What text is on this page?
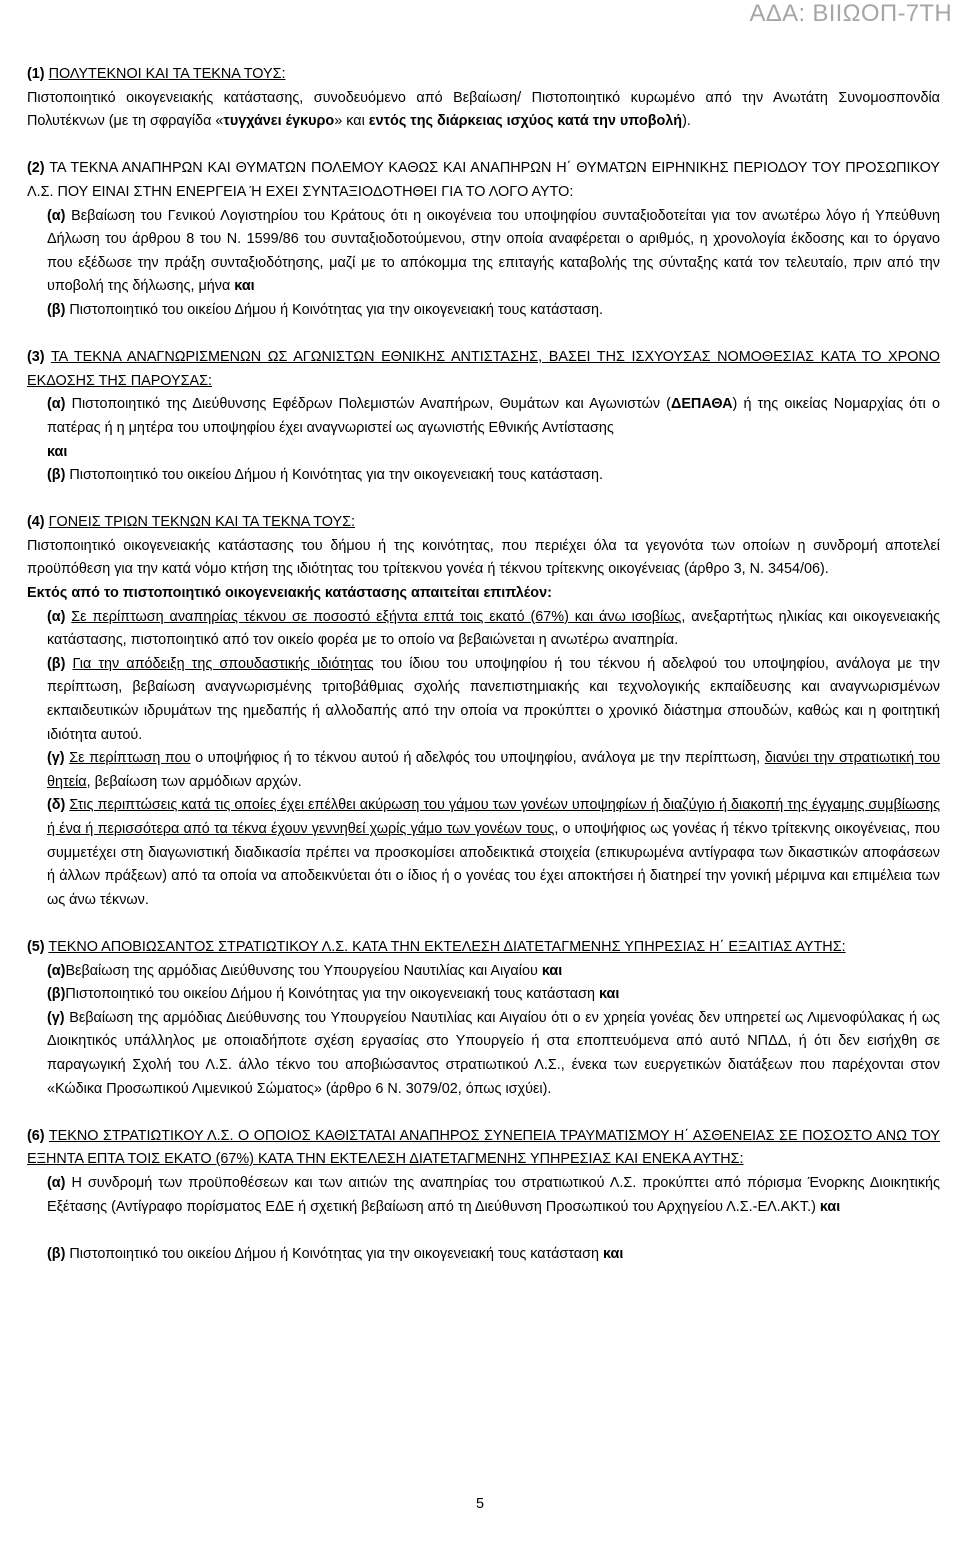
ΑΔΑ: ΒΙΙΩΟΠ-7ΤΗ

(1) ΠΟΛΥΤΕΚΝΟΙ ΚΑΙ ΤΑ ΤΕΚΝΑ ΤΟΥΣ:

Πιστοποιητικό οικογενειακής κατάστασης, συνοδευόμενο από Βεβαίωση/ Πιστοποιητικό κυρωμένο από την Ανωτάτη Συνομοσπονδία Πολυτέκνων (με τη σφραγίδα «τυγχάνει έγκυρο» και εντός της διάρκειας ισχύος κατά την υποβολή).

(2) ΤΑ ΤΕΚΝΑ ΑΝΑΠΗΡΩΝ ΚΑΙ ΘΥΜΑΤΩΝ ΠΟΛΕΜΟΥ ΚΑΘΩΣ ΚΑΙ ΑΝΑΠΗΡΩΝ Η΄ ΘΥΜΑΤΩΝ ΕΙΡΗΝΙΚΗΣ ΠΕΡΙΟΔΟΥ ΤΟΥ ΠΡΟΣΩΠΙΚΟΥ Λ.Σ. ΠΟΥ ΕΙΝΑΙ ΣΤΗΝ ΕΝΕΡΓΕΙΑ Ή ΕΧΕΙ ΣΥΝΤΑΞΙΟΔΟΤΗΘΕΙ ΓΙΑ ΤΟ ΛΟΓΟ ΑΥΤΟ:

(α) Βεβαίωση του Γενικού Λογιστηρίου του Κράτους ότι η οικογένεια του υποψηφίου συνταξιοδοτείται για τον ανωτέρω λόγο ή Υπεύθυνη Δήλωση του άρθρου 8 του Ν. 1599/86 του συνταξιοδοτούμενου, στην οποία αναφέρεται ο αριθμός, η χρονολογία έκδοσης και το όργανο που εξέδωσε την πράξη συνταξιοδότησης, μαζί με το απόκομμα της επιταγής καταβολής της σύνταξης κατά τον τελευταίο, πριν από την υποβολή της δήλωσης, μήνα και

(β) Πιστοποιητικό του οικείου Δήμου ή Κοινότητας για την οικογενειακή τους κατάσταση.

(3) ΤΑ ΤΕΚΝΑ ΑΝΑΓΝΩΡΙΣΜΕΝΩΝ ΩΣ ΑΓΩΝΙΣΤΩΝ ΕΘΝΙΚΗΣ ΑΝΤΙΣΤΑΣΗΣ, ΒΑΣΕΙ ΤΗΣ ΙΣΧΥΟΥΣΑΣ ΝΟΜΟΘΕΣΙΑΣ ΚΑΤΑ ΤΟ ΧΡΟΝΟ ΕΚΔΟΣΗΣ ΤΗΣ ΠΑΡΟΥΣΑΣ:

(α) Πιστοποιητικό της Διεύθυνσης Εφέδρων Πολεμιστών Αναπήρων, Θυμάτων και Αγωνιστών (ΔΕΠΑΘΑ) ή της οικείας Νομαρχίας ότι ο πατέρας ή η μητέρα του υποψηφίου έχει αναγνωριστεί ως αγωνιστής Εθνικής Αντίστασης

και

(β) Πιστοποιητικό του οικείου Δήμου ή Κοινότητας για την οικογενειακή τους κατάσταση.

(4) ΓΟΝΕΙΣ ΤΡΙΩΝ ΤΕΚΝΩΝ ΚΑΙ ΤΑ ΤΕΚΝΑ ΤΟΥΣ:

Πιστοποιητικό οικογενειακής κατάστασης του δήμου ή της κοινότητας, που περιέχει όλα τα γεγονότα των οποίων η συνδρομή αποτελεί προϋπόθεση για την κατά νόμο κτήση της ιδιότητας του τρίτεκνου γονέα ή τέκνου τρίτεκνης οικογένειας (άρθρο 3, Ν. 3454/06).

Εκτός από το πιστοποιητικό οικογενειακής κατάστασης απαιτείται επιπλέον:

(α) Σε περίπτωση αναπηρίας τέκνου σε ποσοστό εξήντα επτά τοις εκατό (67%) και άνω ισοβίως, ανεξαρτήτως ηλικίας και οικογενειακής κατάστασης, πιστοποιητικό από τον οικείο φορέα με το οποίο να βεβαιώνεται η ανωτέρω αναπηρία.

(β) Για την απόδειξη της σπουδαστικής ιδιότητας του ίδιου του υποψηφίου ή του τέκνου ή αδελφού του υποψηφίου, ανάλογα με την περίπτωση, βεβαίωση αναγνωρισμένης τριτοβάθμιας σχολής πανεπιστημιακής και τεχνολογικής εκπαίδευσης και αναγνωρισμένων εκπαιδευτικών ιδρυμάτων της ημεδαπής ή αλλοδαπής από την οποία να προκύπτει ο χρονικό διάστημα σπουδών, καθώς και η φοιτητική ιδιότητα αυτού.

(γ) Σε περίπτωση που ο υποψήφιος ή το τέκνου αυτού ή αδελφός του υποψηφίου, ανάλογα με την περίπτωση, διανύει την στρατιωτική του θητεία, βεβαίωση των αρμόδιων αρχών.

(δ) Στις περιπτώσεις κατά τις οποίες έχει επέλθει ακύρωση του γάμου των γονέων υποψηφίων ή διαζύγιο ή διακοπή της έγγαμης συμβίωσης ή ένα ή περισσότερα από τα τέκνα έχουν γεννηθεί χωρίς γάμο των γονέων τους, ο υποψήφιος ως γονέας ή τέκνο τρίτεκνης οικογένειας, που συμμετέχει στη διαγωνιστική διαδικασία πρέπει να προσκομίσει αποδεικτικά στοιχεία (επικυρωμένα αντίγραφα των δικαστικών αποφάσεων ή άλλων πράξεων) από τα οποία να αποδεικνύεται ότι ο ίδιος ή ο γονέας του έχει αποκτήσει ή διατηρεί την γονική μέριμνα και επιμέλεια των ως άνω τέκνων.

(5) ΤΕΚΝΟ ΑΠΟΒΙΩΣΑΝΤΟΣ ΣΤΡΑΤΙΩΤΙΚΟΥ Λ.Σ. ΚΑΤΑ ΤΗΝ ΕΚΤΕΛΕΣΗ ΔΙΑΤΕΤΑΓΜΕΝΗΣ ΥΠΗΡΕΣΙΑΣ Η΄ ΕΞΑΙΤΙΑΣ ΑΥΤΗΣ:

(α)Βεβαίωση της αρμόδιας Διεύθυνσης του Υπουργείου Ναυτιλίας και Αιγαίου και

(β)Πιστοποιητικό του οικείου Δήμου ή Κοινότητας για την οικογενειακή τους κατάσταση και

(γ) Βεβαίωση της αρμόδιας Διεύθυνσης του Υπουργείου Ναυτιλίας και Αιγαίου ότι ο εν χρηεία γονέας δεν υπηρετεί ως Λιμενοφύλακας ή ως Διοικητικός υπάλληλος με οποιαδήποτε σχέση εργασίας στο Υπουργείο ή στα εποπτευόμενα από αυτό ΝΠΔΔ, ή ότι δεν εισήχθη σε παραγωγική Σχολή του Λ.Σ. άλλο τέκνο του αποβιώσαντος στρατιωτικού Λ.Σ., ένεκα των ευεργετικών διατάξεων που παρέχονται στον «Κώδικα Προσωπικού Λιμενικού Σώματος» (άρθρο 6 Ν. 3079/02, όπως ισχύει).

(6) ΤΕΚΝΟ ΣΤΡΑΤΙΩΤΙΚΟΥ Λ.Σ. Ο ΟΠΟΙΟΣ ΚΑΘΙΣΤΑΤΑΙ ΑΝΑΠΗΡΟΣ ΣΥΝΕΠΕΙΑ ΤΡΑΥΜΑΤΙΣΜΟΥ Η΄ ΑΣΘΕΝΕΙΑΣ ΣΕ ΠΟΣΟΣΤΟ ΑΝΩ ΤΟΥ ΕΞΗΝΤΑ ΕΠΤΑ ΤΟΙΣ ΕΚΑΤΟ (67%) ΚΑΤΑ ΤΗΝ ΕΚΤΕΛΕΣΗ ΔΙΑΤΕΤΑΓΜΕΝΗΣ ΥΠΗΡΕΣΙΑΣ ΚΑΙ ΕΝΕΚΑ ΑΥΤΗΣ:

(α) Η συνδρομή των προϋποθέσεων και των αιτιών της αναπηρίας του στρατιωτικού Λ.Σ. προκύπτει από πόρισμα Ένορκης Διοικητικής Εξέτασης (Αντίγραφο πορίσματος ΕΔΕ ή σχετική βεβαίωση από τη Διεύθυνση Προσωπικού του Αρχηγείου Λ.Σ.-ΕΛ.ΑΚΤ.) και

(β) Πιστοποιητικό του οικείου Δήμου ή Κοινότητας για την οικογενειακή τους κατάσταση και

5
